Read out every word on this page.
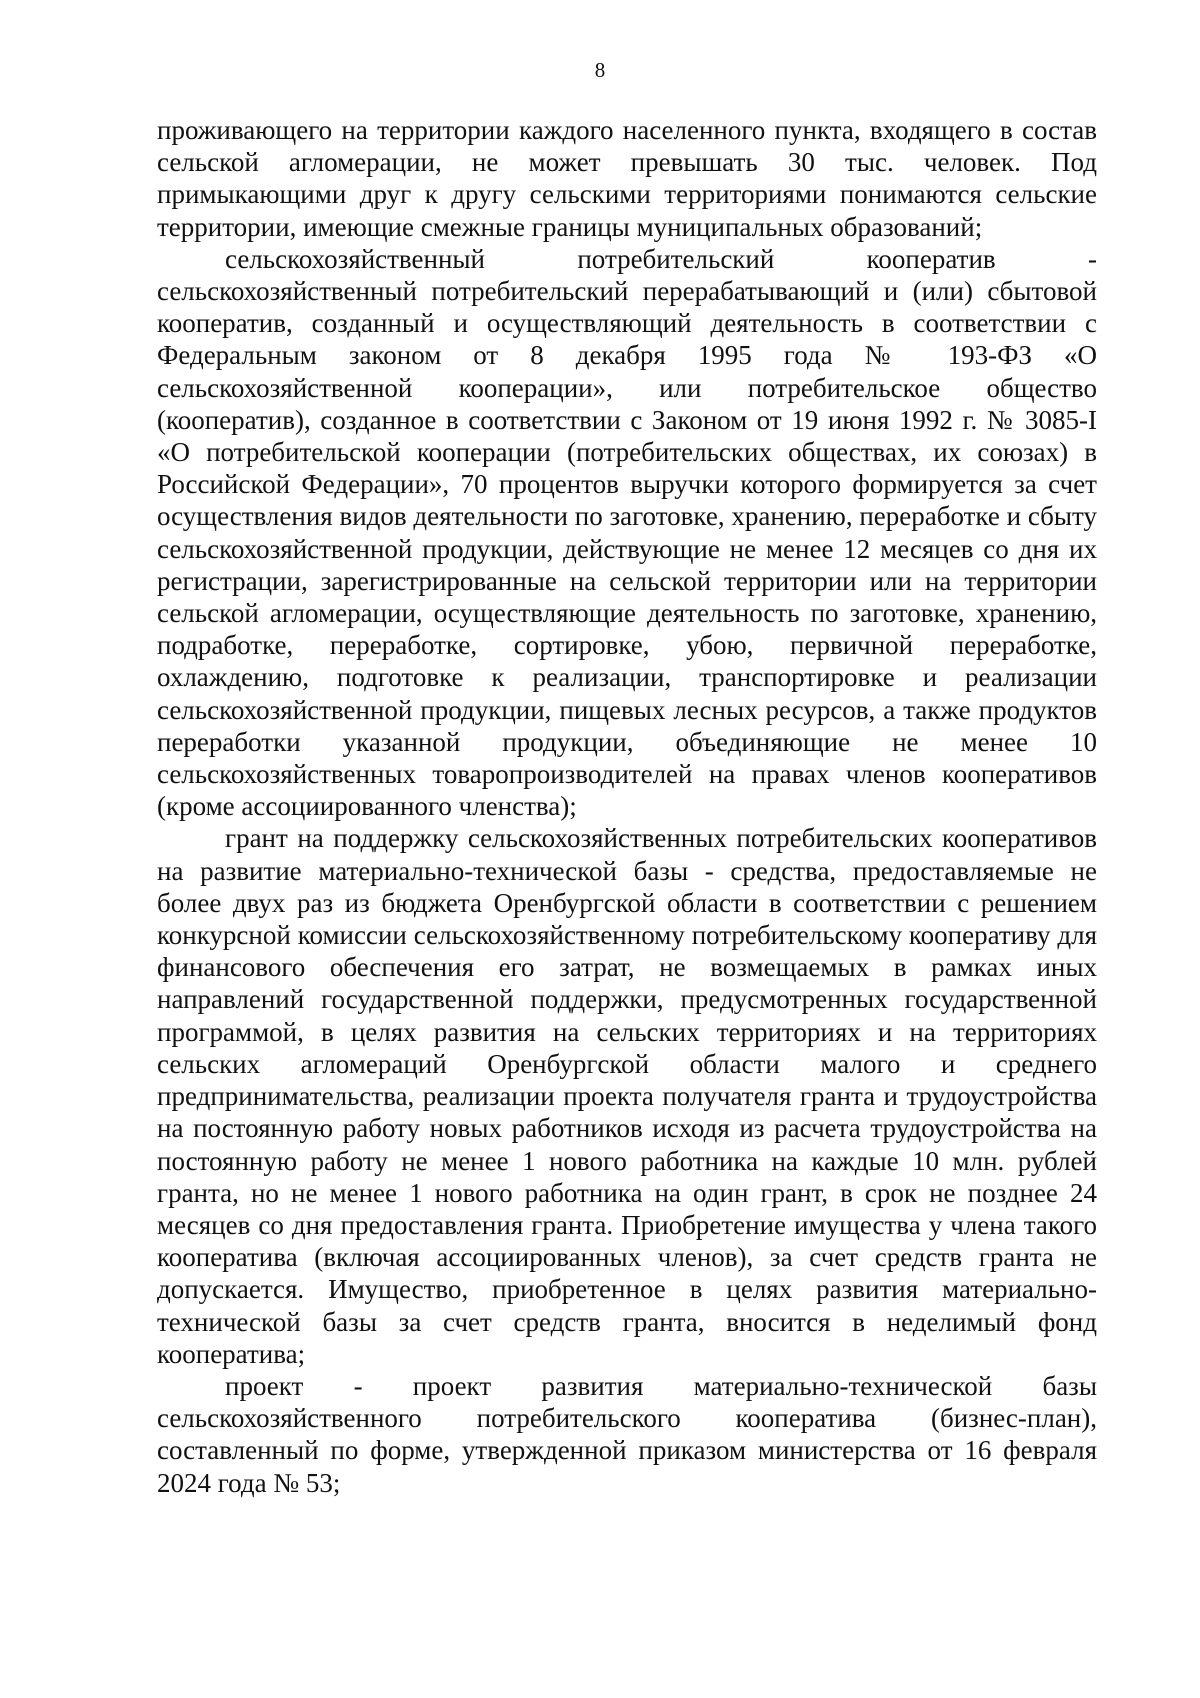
8

проживающего на территории каждого населенного пункта, входящего в состав сельской агломерации, не может превышать 30 тыс. человек. Под примыкающими друг к другу сельскими территориями понимаются сельские территории, имеющие смежные границы муниципальных образований;

сельскохозяйственный потребительский кооператив - сельскохозяйственный потребительский перерабатывающий и (или) сбытовой кооператив, созданный и осуществляющий деятельность в соответствии с Федеральным законом от 8 декабря 1995 года № 193-ФЗ «О сельскохозяйственной кооперации», или потребительское общество (кооператив), созданное в соответствии с Законом от 19 июня 1992 г. № 3085-I «О потребительской кооперации (потребительских обществах, их союзах) в Российской Федерации», 70 процентов выручки которого формируется за счет осуществления видов деятельности по заготовке, хранению, переработке и сбыту сельскохозяйственной продукции, действующие не менее 12 месяцев со дня их регистрации, зарегистрированные на сельской территории или на территории сельской агломерации, осуществляющие деятельность по заготовке, хранению, подработке, переработке, сортировке, убою, первичной переработке, охлаждению, подготовке к реализации, транспортировке и реализации сельскохозяйственной продукции, пищевых лесных ресурсов, а также продуктов переработки указанной продукции, объединяющие не менее 10 сельскохозяйственных товаропроизводителей на правах членов кооперативов (кроме ассоциированного членства);

грант на поддержку сельскохозяйственных потребительских кооперативов на развитие материально-технической базы - средства, предоставляемые не более двух раз из бюджета Оренбургской области в соответствии с решением конкурсной комиссии сельскохозяйственному потребительскому кооперативу для финансового обеспечения его затрат, не возмещаемых в рамках иных направлений государственной поддержки, предусмотренных государственной программой, в целях развития на сельских территориях и на территориях сельских агломераций Оренбургской области малого и среднего предпринимательства, реализации проекта получателя гранта и трудоустройства на постоянную работу новых работников исходя из расчета трудоустройства на постоянную работу не менее 1 нового работника на каждые 10 млн. рублей гранта, но не менее 1 нового работника на один грант, в срок не позднее 24 месяцев со дня предоставления гранта. Приобретение имущества у члена такого кооператива (включая ассоциированных членов), за счет средств гранта не допускается. Имущество, приобретенное в целях развития материально-технической базы за счет средств гранта, вносится в неделимый фонд кооператива;

проект - проект развития материально-технической базы сельскохозяйственного потребительского кооператива (бизнес-план), составленный по форме, утвержденной приказом министерства от 16 февраля 2024 года № 53;
